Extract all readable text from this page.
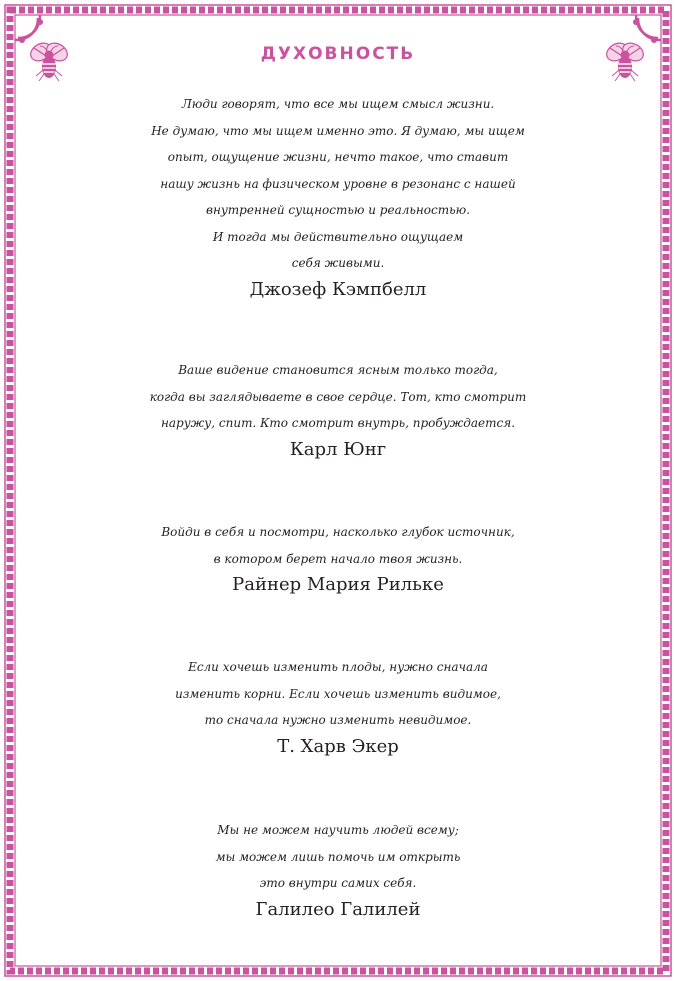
ДУХОВНОСТЬ
Люди говорят, что все мы ищем смысл жизни.
Не думаю, что мы ищем именно это. Я думаю, мы ищем
опыт, ощущение жизни, нечто такое, что ставит
нашу жизнь на физическом уровне в резонанс с нашей
внутренней сущностью и реальностью.
И тогда мы действительно ощущаем
себя живыми.
Джозеф Кэмпбелл
Ваше видение становится ясным только тогда,
когда вы заглядываете в свое сердце. Тот, кто смотрит
наружу, спит. Кто смотрит внутрь, пробуждается.
Карл Юнг
Войди в себя и посмотри, насколько глубок источник,
в котором берет начало твоя жизнь.
Райнер Мария Рильке
Если хочешь изменить плоды, нужно сначала
изменить корни. Если хочешь изменить видимое,
то сначала нужно изменить невидимое.
Т. Харв Экер
Мы не можем научить людей всему;
мы можем лишь помочь им открыть
это внутри самих себя.
Галилео Галилей
